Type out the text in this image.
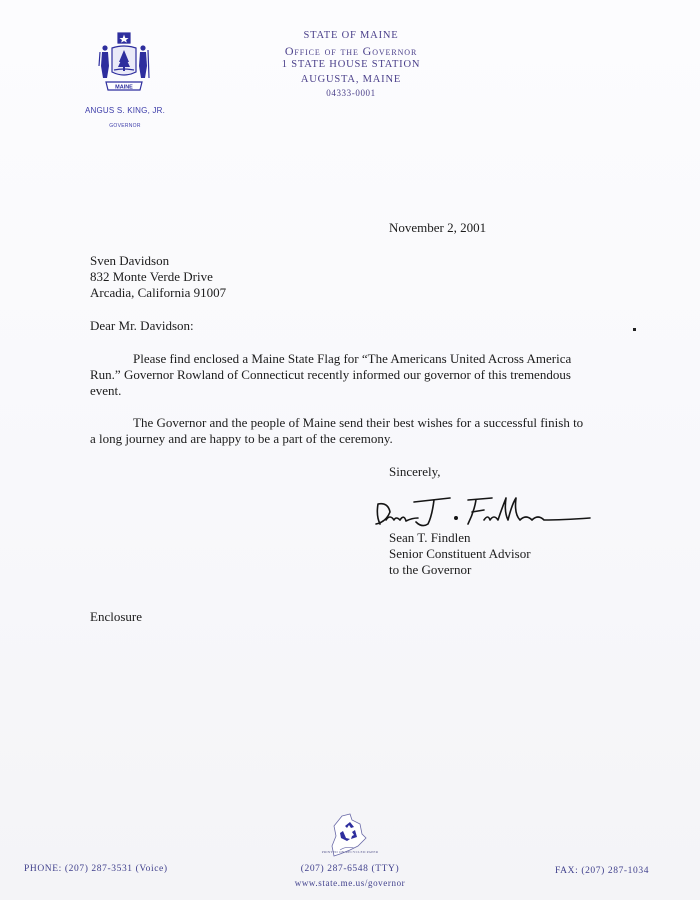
MAINE
ANGUS S. KING, JR.
GOVERNOR
STATE OF MAINE
Office of the Governor
1 STATE HOUSE STATION
AUGUSTA, MAINE
04333-0001
November 2, 2001
Sven Davidson
832 Monte Verde Drive
Arcadia, California 91007
Dear Mr. Davidson:
Please find enclosed a Maine State Flag for “The Americans United Across America Run.” Governor Rowland of Connecticut recently informed our governor of this tremendous event.
The Governor and the people of Maine send their best wishes for a successful finish to a long journey and are happy to be a part of the ceremony.
Sincerely,
Sean T. Findlen
Senior Constituent Advisor
to the Governor
Enclosure
PRINTED ON RECYCLED PAPER
PHONE: (207) 287-3531 (Voice)	(207) 287-6548 (TTY)
www.state.me.us/governor
FAX: (207) 287-1034
